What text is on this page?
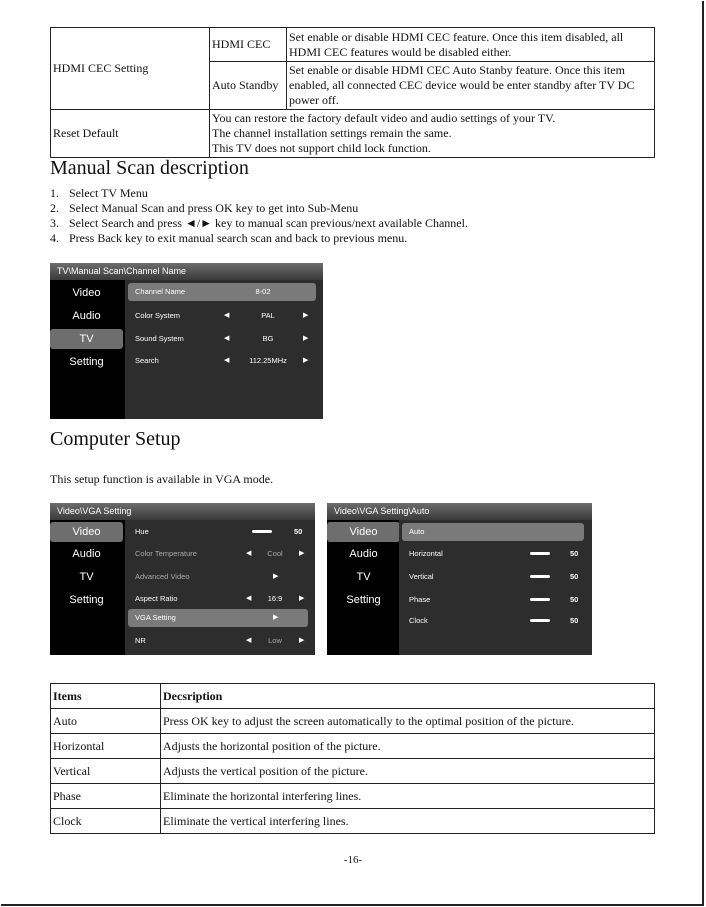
HDMI CEC Setting	HDMI CEC	Set enable or disable HDMI CEC feature. Once this item disabled, all HDMI CEC features would be disabled either.
	Auto Standby	Set enable or disable HDMI CEC Auto Stanby feature. Once this item enabled, all connected CEC device would be enter standby after TV DC power off.
Reset Default	You can restore the factory default video and audio settings of your TV.
The channel installation settings remain the same.
This TV does not support child lock function.	
Manual Scan description
1. Select TV Menu
2. Select Manual Scan and press OK key to get into Sub-Menu
3. Select Search and press ◄/► key to manual scan previous/next available Channel.
4. Press Back key to exit manual search scan and back to previous menu.
TV\Manual Scan\Channel Name
Video
Audio
TV
Setting
Channel Name	8-02
Color System	◀	PAL	▶
Sound System	◀	BG	▶
Search	◀	112.25MHz	▶
Computer Setup

This setup function is available in VGA mode.

Video\VGA Setting
Video
Audio
TV
Setting
Hue	50
Color Temperature	◀	Cool	▶
Advanced Video	▶
Aspect Ratio	◀	16:9	▶
VGA Setting	▶
NR	◀	Low	▶
Video\VGA Setting\Auto
Video
Audio
TV
Setting
Auto
Horizontal	50
Vertical	50
Phase	50
Clock	50
Items	Decsription
Auto	Press OK key to adjust the screen automatically to the optimal position of the picture.
Horizontal	Adjusts the horizontal position of the picture.
Vertical	Adjusts the vertical position of the picture.
Phase	Eliminate the horizontal interfering lines.
Clock	Eliminate the vertical interfering lines.
-16-
